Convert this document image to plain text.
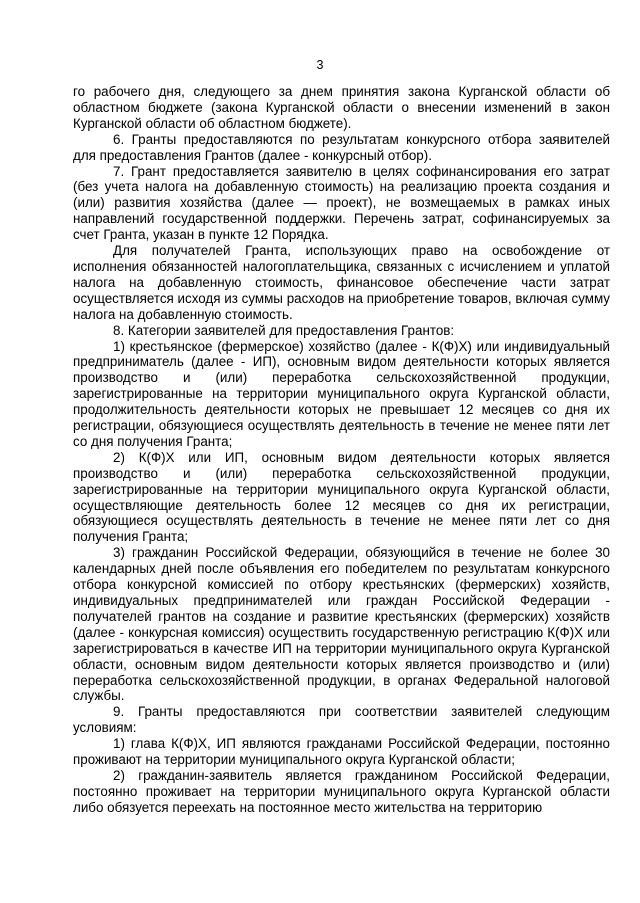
3

го рабочего дня, следующего за днем принятия закона Курганской области об областном бюджете (закона Курганской области о внесении изменений в закон Курганской области об областном бюджете).

6. Гранты предоставляются по результатам конкурсного отбора заявителей для предоставления Грантов (далее - конкурсный отбор).

7. Грант предоставляется заявителю в целях софинансирования его затрат (без учета налога на добавленную стоимость) на реализацию проекта создания и (или) развития хозяйства (далее — проект), не возмещаемых в рамках иных направлений государственной поддержки. Перечень затрат, софинансируемых за счет Гранта, указан в пункте 12 Порядка.

Для получателей Гранта, использующих право на освобождение от исполнения обязанностей налогоплательщика, связанных с исчислением и уплатой налога на добавленную стоимость, финансовое обеспечение части затрат осуществляется исходя из суммы расходов на приобретение товаров, включая сумму налога на добавленную стоимость.

8. Категории заявителей для предоставления Грантов:

1) крестьянское (фермерское) хозяйство (далее - К(Ф)Х) или индивидуальный предприниматель (далее - ИП), основным видом деятельности которых является производство и (или) переработка сельскохозяйственной продукции, зарегистрированные на территории муниципального округа Курганской области, продолжительность деятельности которых не превышает 12 месяцев со дня их регистрации, обязующиеся осуществлять деятельность в течение не менее пяти лет со дня получения Гранта;

2) К(Ф)Х или ИП, основным видом деятельности которых является производство и (или) переработка сельскохозяйственной продукции, зарегистрированные на территории муниципального округа Курганской области, осуществляющие деятельность более 12 месяцев со дня их регистрации, обязующиеся осуществлять деятельность в течение не менее пяти лет со дня получения Гранта;

3) гражданин Российской Федерации, обязующийся в течение не более 30 календарных дней после объявления его победителем по результатам конкурсного отбора конкурсной комиссией по отбору крестьянских (фермерских) хозяйств, индивидуальных предпринимателей или граждан Российской Федерации - получателей грантов на создание и развитие крестьянских (фермерских) хозяйств (далее - конкурсная комиссия) осуществить государственную регистрацию К(Ф)Х или зарегистрироваться в качестве ИП на территории муниципального округа Курганской области, основным видом деятельности которых является производство и (или) переработка сельскохозяйственной продукции, в органах Федеральной налоговой службы.

9. Гранты предоставляются при соответствии заявителей следующим условиям:

1) глава К(Ф)Х, ИП являются гражданами Российской Федерации, постоянно проживают на территории муниципального округа Курганской области;

2) гражданин-заявитель является гражданином Российской Федерации, постоянно проживает на территории муниципального округа Курганской области либо обязуется переехать на постоянное место жительства на территорию
